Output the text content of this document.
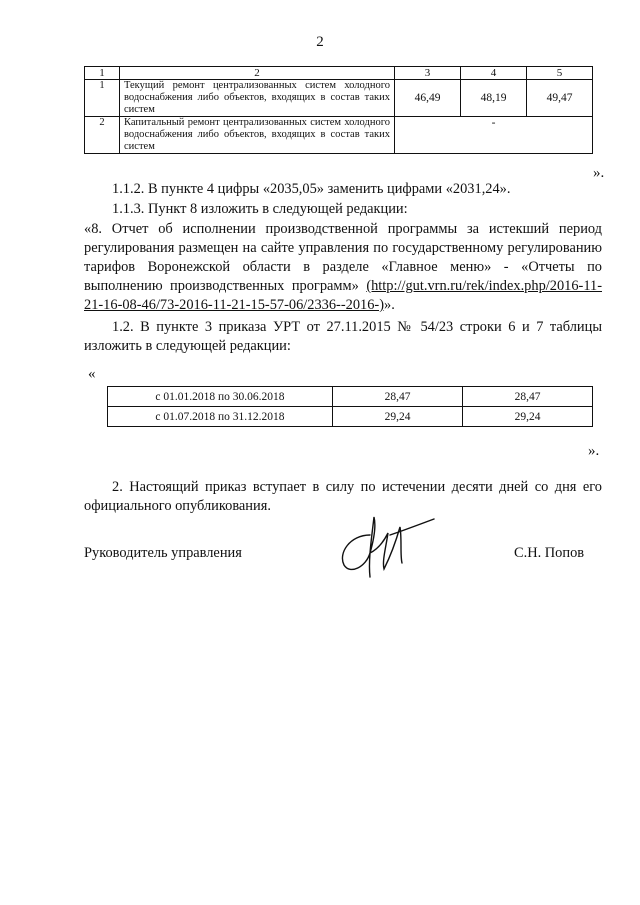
2
1	2	3	4	5
1	Текущий ремонт централизованных систем холодного водоснабжения либо объектов, входящих в состав таких систем	46,49	48,19	49,47
2	Капитальный ремонт централизованных систем холодного водоснабжения либо объектов, входящих в состав таких систем	-		
».
1.1.2. В пункте 4 цифры «2035,05» заменить цифрами «2031,24».
1.1.3. Пункт 8 изложить в следующей редакции:
«8. Отчет об исполнении производственной программы за истекший период регулирования размещен на сайте управления по государственному регулированию тарифов Воронежской области в разделе «Главное меню» - «Отчеты по выполнению производственных программ» (http://gut.vrn.ru/rek/index.php/2016-11-21-16-08-46/73-2016-11-21-15-57-06/2336--2016-)».
1.2. В пункте 3 приказа УРТ от 27.11.2015 № 54/23 строки 6 и 7 таблицы изложить в следующей редакции:
«
с 01.01.2018 по 30.06.2018	28,47	28,47
с 01.07.2018 по 31.12.2018	29,24	29,24
».
2. Настоящий приказ вступает в силу по истечении десяти дней со дня его официального опубликования.
Руководитель управления	С.Н. Попов
